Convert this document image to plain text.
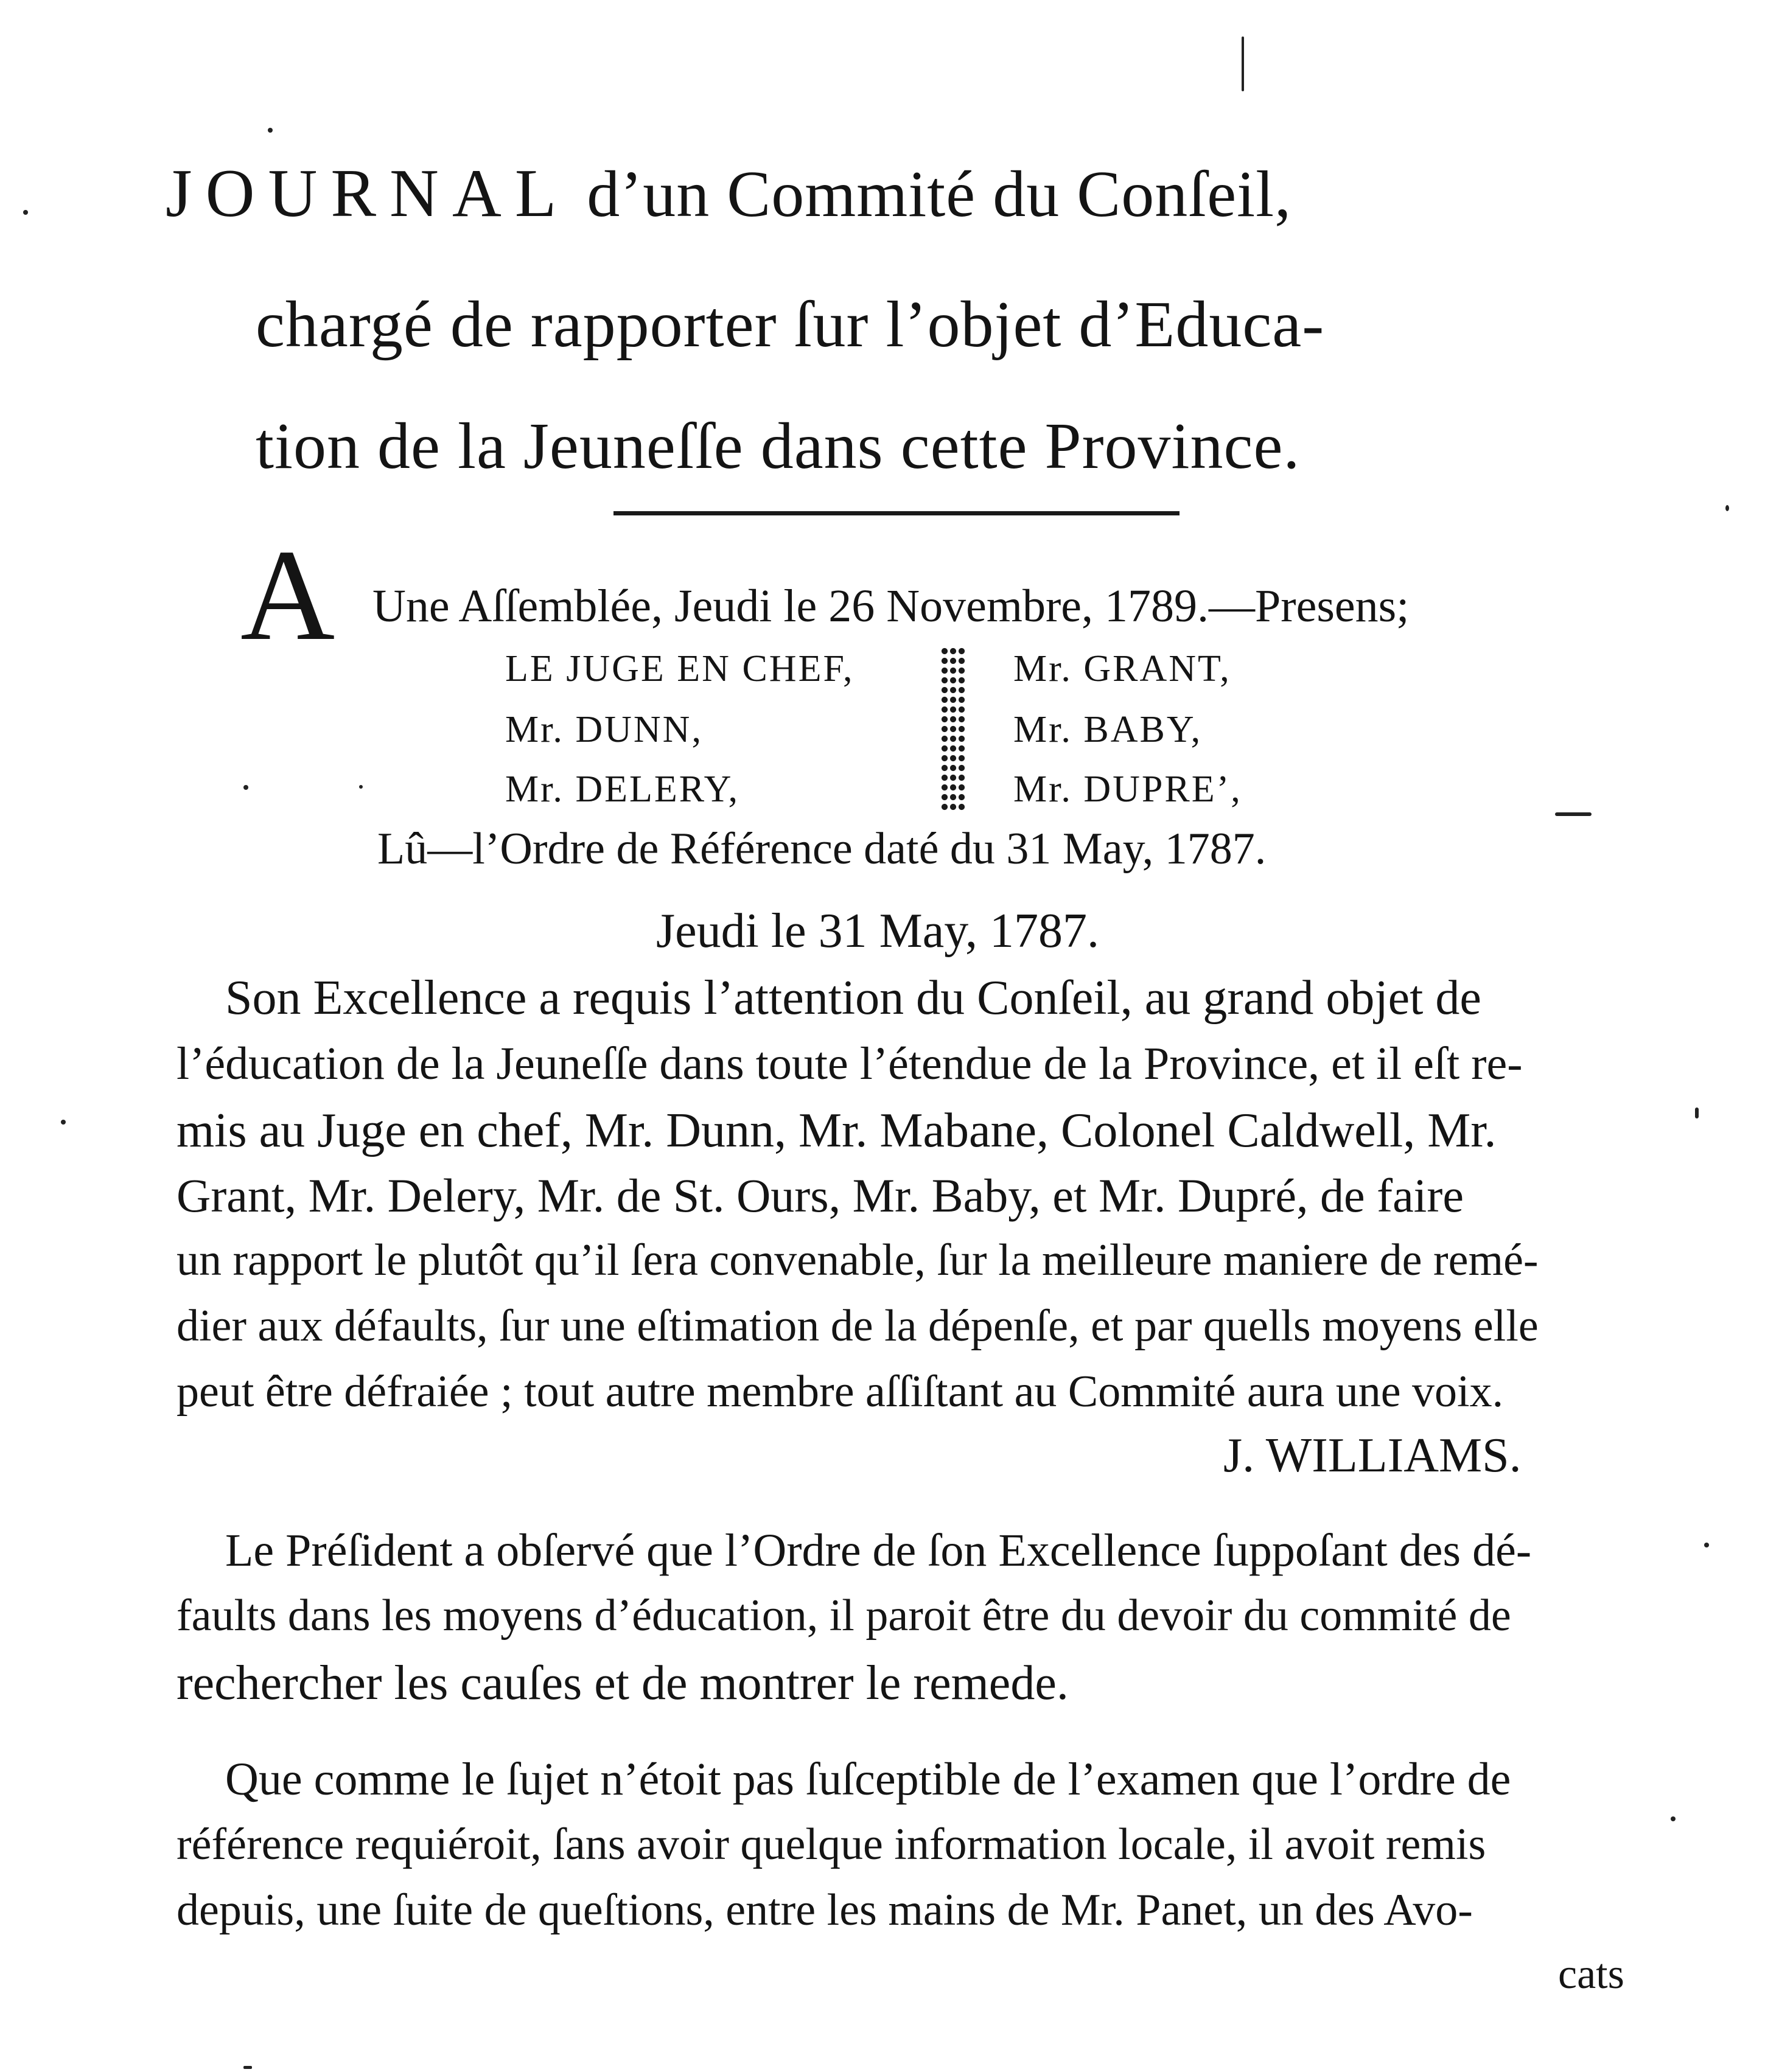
JOURNAL d’un Commité du Conſeil,
chargé de rapporter ſur l’objet d’Educa-
tion de la Jeuneſſe dans cette Province.
A Une Aſſemblée, Jeudi le 26 Novembre, 1789.—Presens;
LE JUGE EN CHEF,
Mr. DUNN,
Mr. DELERY,
Mr. GRANT,
Mr. BABY,
Mr. DUPRE’,
Lû—l’Ordre de Référence daté du 31 May, 1787.
Jeudi le 31 May, 1787.
Son Excellence a requis l’attention du Conſeil, au grand objet de
l’éducation de la Jeuneſſe dans toute l’étendue de la Province, et il eſt re-
mis au Juge en chef, Mr. Dunn, Mr. Mabane, Colonel Caldwell, Mr.
Grant, Mr. Delery, Mr. de St. Ours, Mr. Baby, et Mr. Dupré, de faire
un rapport le plutôt qu’il ſera convenable, ſur la meilleure maniere de remé-
dier aux défaults, ſur une eſtimation de la dépenſe, et par quells moyens elle
peut être défraiée ; tout autre membre aſſiſtant au Commité aura une voix.
J. WILLIAMS.
Le Préſident a obſervé que l’Ordre de ſon Excellence ſuppoſant des dé-
faults dans les moyens d’éducation, il paroit être du devoir du commité de
rechercher les cauſes et de montrer le remede.
Que comme le ſujet n’étoit pas ſuſceptible de l’examen que l’ordre de
référence requiéroit, ſans avoir quelque information locale, il avoit remis
depuis, une ſuite de queſtions, entre les mains de Mr. Panet, un des Avo-
cats
